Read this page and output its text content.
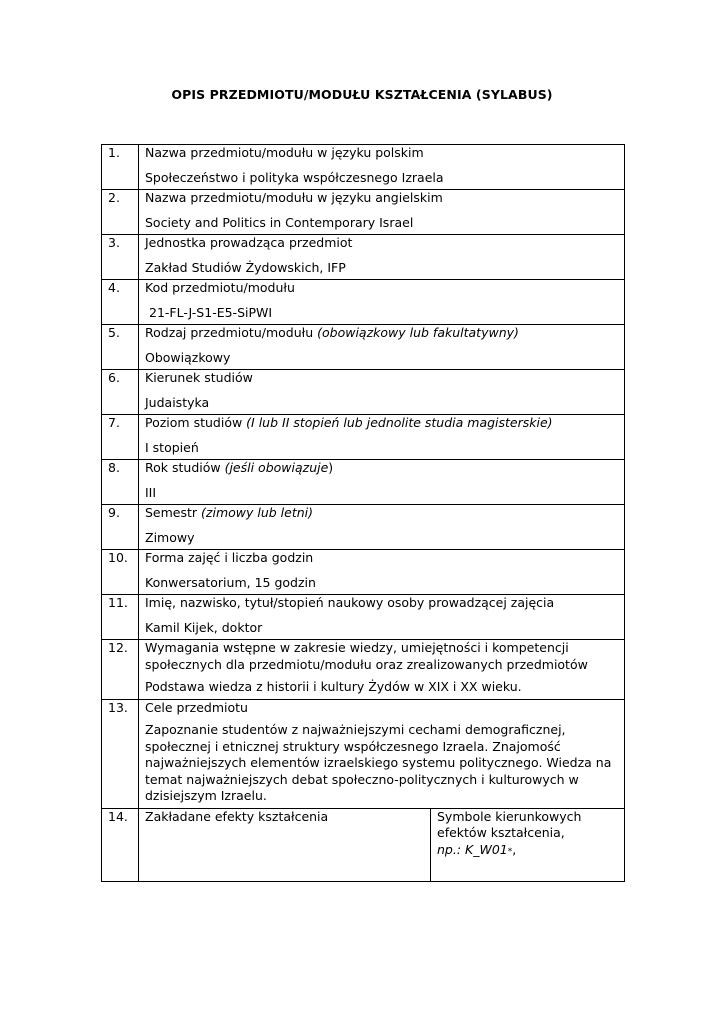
OPIS PRZEDMIOTU/MODUŁU KSZTAŁCENIA (SYLABUS)
1.	Nazwa przedmiotu/modułu w języku polskim
Społeczeństwo i polityka współczesnego Izraela	

2.	Nazwa przedmiotu/modułu w języku angielskim
Society and Politics in Contemporary Israel	

3.	Jednostka prowadząca przedmiot
Zakład Studiów Żydowskich, IFP	

4.	Kod przedmiotu/modułu
21-FL-J-S1-E5-SiPWI	

5.	Rodzaj przedmiotu/modułu (obowiązkowy lub fakultatywny)
Obowiązkowy	

6.	Kierunek studiów
Judaistyka	

7.	Poziom studiów (I lub II stopień lub jednolite studia magisterskie)
I stopień	

8.	Rok studiów (jeśli obowiązuje)
III	

9.	Semestr (zimowy lub letni)
Zimowy	

10.	Forma zajęć i liczba godzin
Konwersatorium, 15 godzin	

11.	Imię, nazwisko, tytuł/stopień naukowy osoby prowadzącej zajęcia
Kamil Kijek, doktor	

12.	Wymagania wstępne w zakresie wiedzy, umiejętności i kompetencji społecznych dla przedmiotu/modułu oraz zrealizowanych przedmiotów
Podstawa wiedza z historii i kultury Żydów w XIX i XX wieku.	

13.	Cele przedmiotu
Zapoznanie studentów z najważniejszymi cechami demograficznej, społecznej i etnicznej struktury współczesnego Izraela. Znajomość najważniejszych elementów izraelskiego systemu politycznego. Wiedza na temat najważniejszych debat społeczno-politycznych i kulturowych w dzisiejszym Izraelu.	

14.	Zakładane efekty kształcenia	Symbole kierunkowych efektów kształcenia,
np.: K_W01*,
